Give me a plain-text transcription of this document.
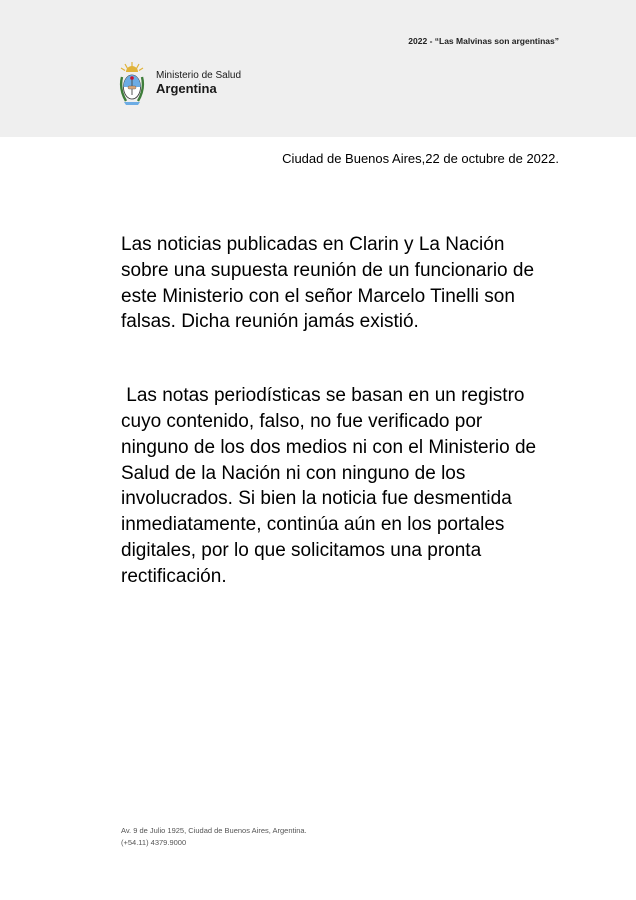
2022 - “Las Malvinas son argentinas”
Ministerio de Salud
Argentina
Ciudad de Buenos Aires,22 de octubre de 2022.

Las noticias publicadas en Clarin y La Nación sobre una supuesta reunión de un funcionario de este Ministerio con el señor Marcelo Tinelli son falsas. Dicha reunión jamás existió.

Las notas periodísticas se basan en un registro cuyo contenido, falso, no fue verificado por ninguno de los dos medios ni con el Ministerio de Salud de la Nación ni con ninguno de los involucrados. Si bien la noticia fue desmentida inmediatamente, continúa aún en los portales digitales, por lo que solicitamos una pronta rectificación.

Av. 9 de Julio 1925, Ciudad de Buenos Aires, Argentina.
(+54.11) 4379.9000
